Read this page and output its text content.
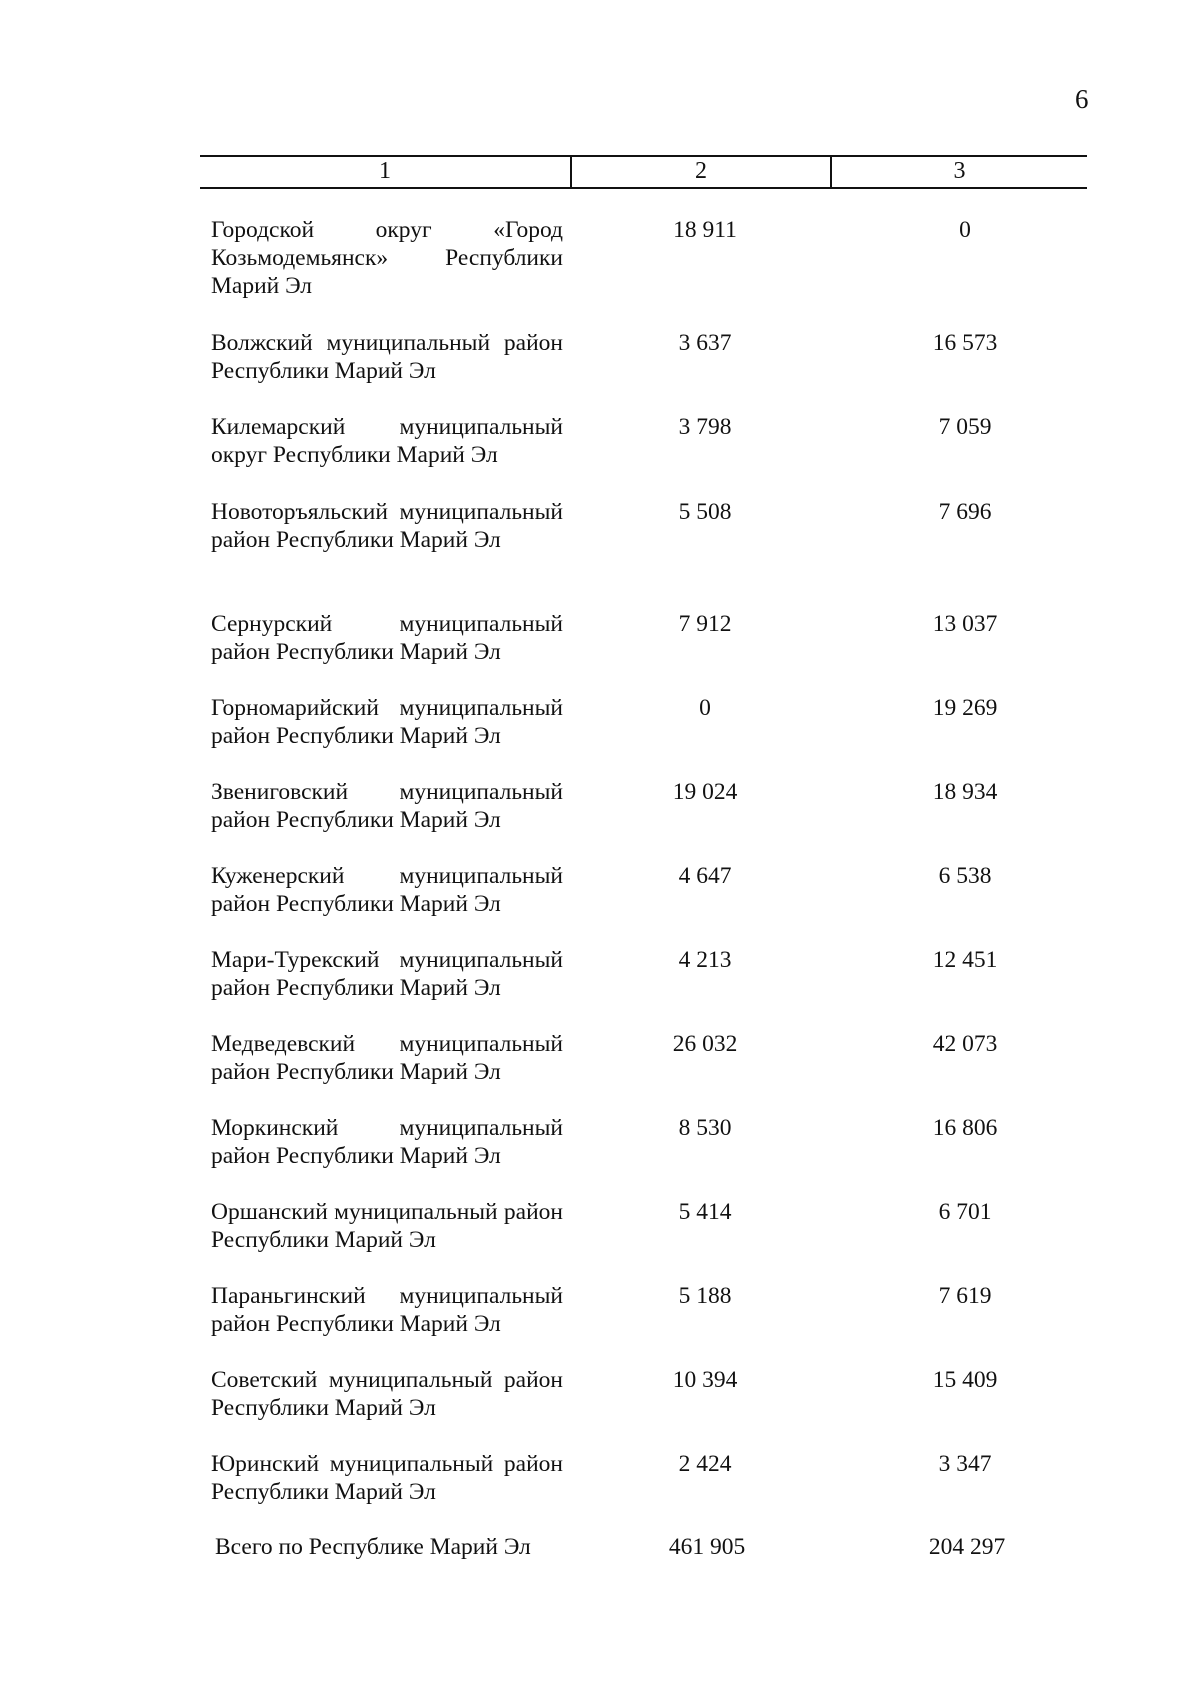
6
1	2	3
Городской округ «Город Козьмодемьянск» Республики Марий Эл
18 911	0
Волжский муниципальный район Республики Марий Эл
3 637	16 573
Килемарский муниципальный округ Республики Марий Эл
3 798	7 059
Новоторъяльский муниципальный район Республики Марий Эл
5 508	7 696
Сернурский муниципальный район Республики Марий Эл
7 912	13 037
Горномарийский муниципальный район Республики Марий Эл
0	19 269
Звениговский муниципальный район Республики Марий Эл
19 024	18 934
Куженерский муниципальный район Республики Марий Эл
4 647	6 538
Мари-Турекский муниципальный район Республики Марий Эл
4 213	12 451
Медведевский муниципальный район Республики Марий Эл
26 032	42 073
Моркинский муниципальный район Республики Марий Эл
8 530	16 806
Оршанский муниципальный район Республики Марий Эл
5 414	6 701
Параньгинский муниципальный район Республики Марий Эл
5 188	7 619
Советский муниципальный район Республики Марий Эл
10 394	15 409
Юринский муниципальный район Республики Марий Эл
2 424	3 347
Всего по Республике Марий Эл	461 905	204 297
